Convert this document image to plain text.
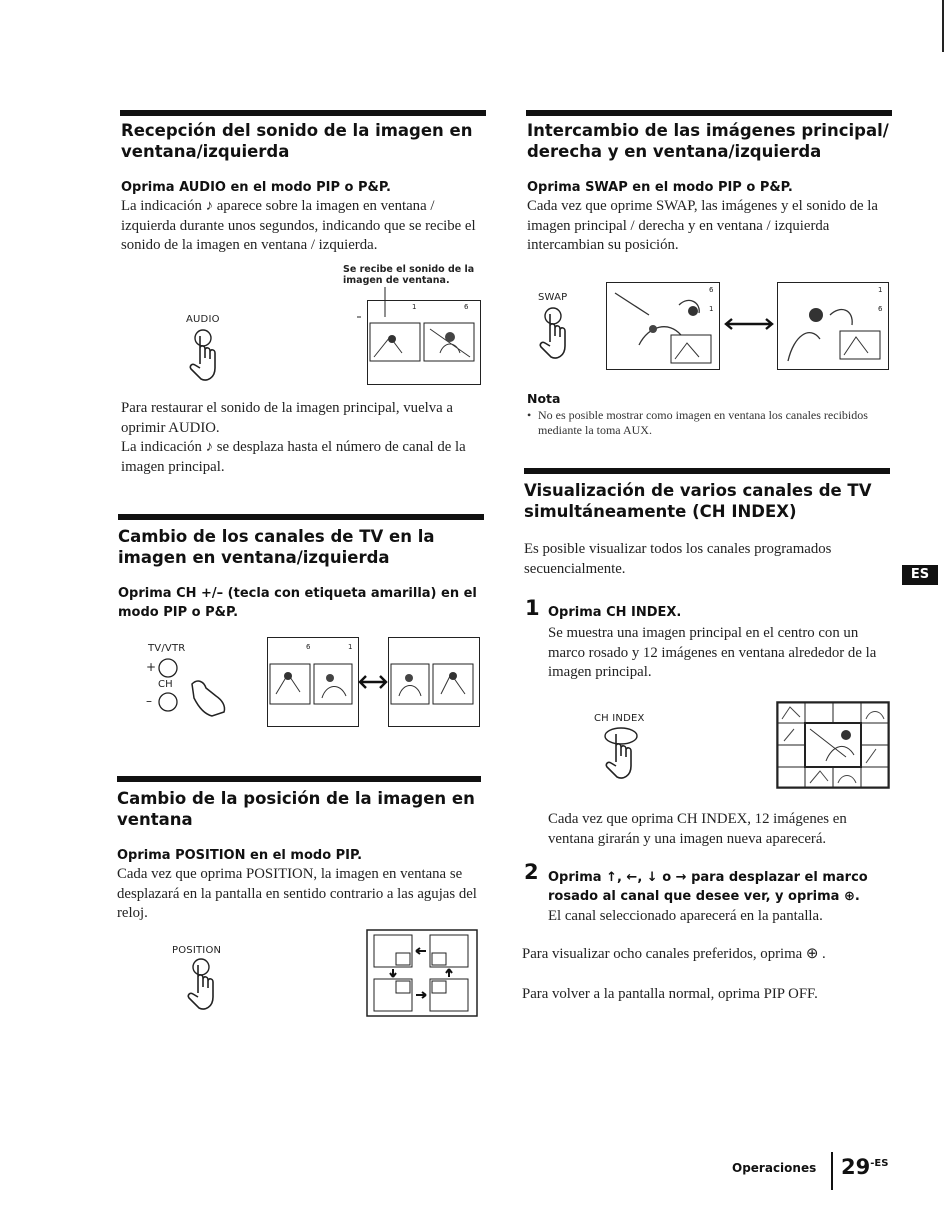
Recepción del sonido de la imagen en ventana/izquierda

Oprima AUDIO en el modo PIP o P&P.

La indicación ♪ aparece sobre la imagen en ventana / izquierda durante unos segundos, indicando que se recibe el sonido de la imagen en ventana / izquierda.

Se recibe el sonido de la imagen de ventana.
AUDIO
6
1

Para restaurar el sonido de la imagen principal, vuelva a oprimir AUDIO.

La indicación ♪ se desplaza hasta el número de canal de la imagen principal.

Cambio de los canales de TV en la imagen en ventana/izquierda

Oprima CH +/– (tecla con etiqueta amarilla) en el modo PIP o P&P.

TV/VTR
+
CH
–
6	1
Cambio de la posición de la imagen en ventana

Oprima POSITION en el modo PIP.

Cada vez que oprima POSITION, la imagen en ventana se desplazará en la pantalla en sentido contrario a las agujas del reloj.

POSITION
Intercambio de las imágenes principal/ derecha y en ventana/izquierda

Oprima SWAP en el modo PIP o P&P.

Cada vez que oprime SWAP, las imágenes y el sonido de la imagen principal / derecha y en ventana / izquierda intercambian su posición.

SWAP
6
1
1
6
Nota
• No es posible mostrar como imagen en ventana los canales recibidos mediante la toma AUX.
Visualización de varios canales de TV simultáneamente (CH INDEX)

Es posible visualizar todos los canales programados secuencialmente.

1 Oprima CH INDEX.

Se muestra una imagen principal en el centro con un marco rosado y 12 imágenes en ventana alrededor de la imagen principal.

CH INDEX

Cada vez que oprima CH INDEX, 12 imágenes en ventana girarán y una imagen nueva aparecerá.

2 Oprima ↑, ←, ↓ o → para desplazar el marco rosado al canal que desee ver, y oprima ⊕.

El canal seleccionado aparecerá en la pantalla.

Para visualizar ocho canales preferidos, oprima ⊕ .

Para volver a la pantalla normal, oprima PIP OFF.

ES
Operaciones $29^{-ES}$
